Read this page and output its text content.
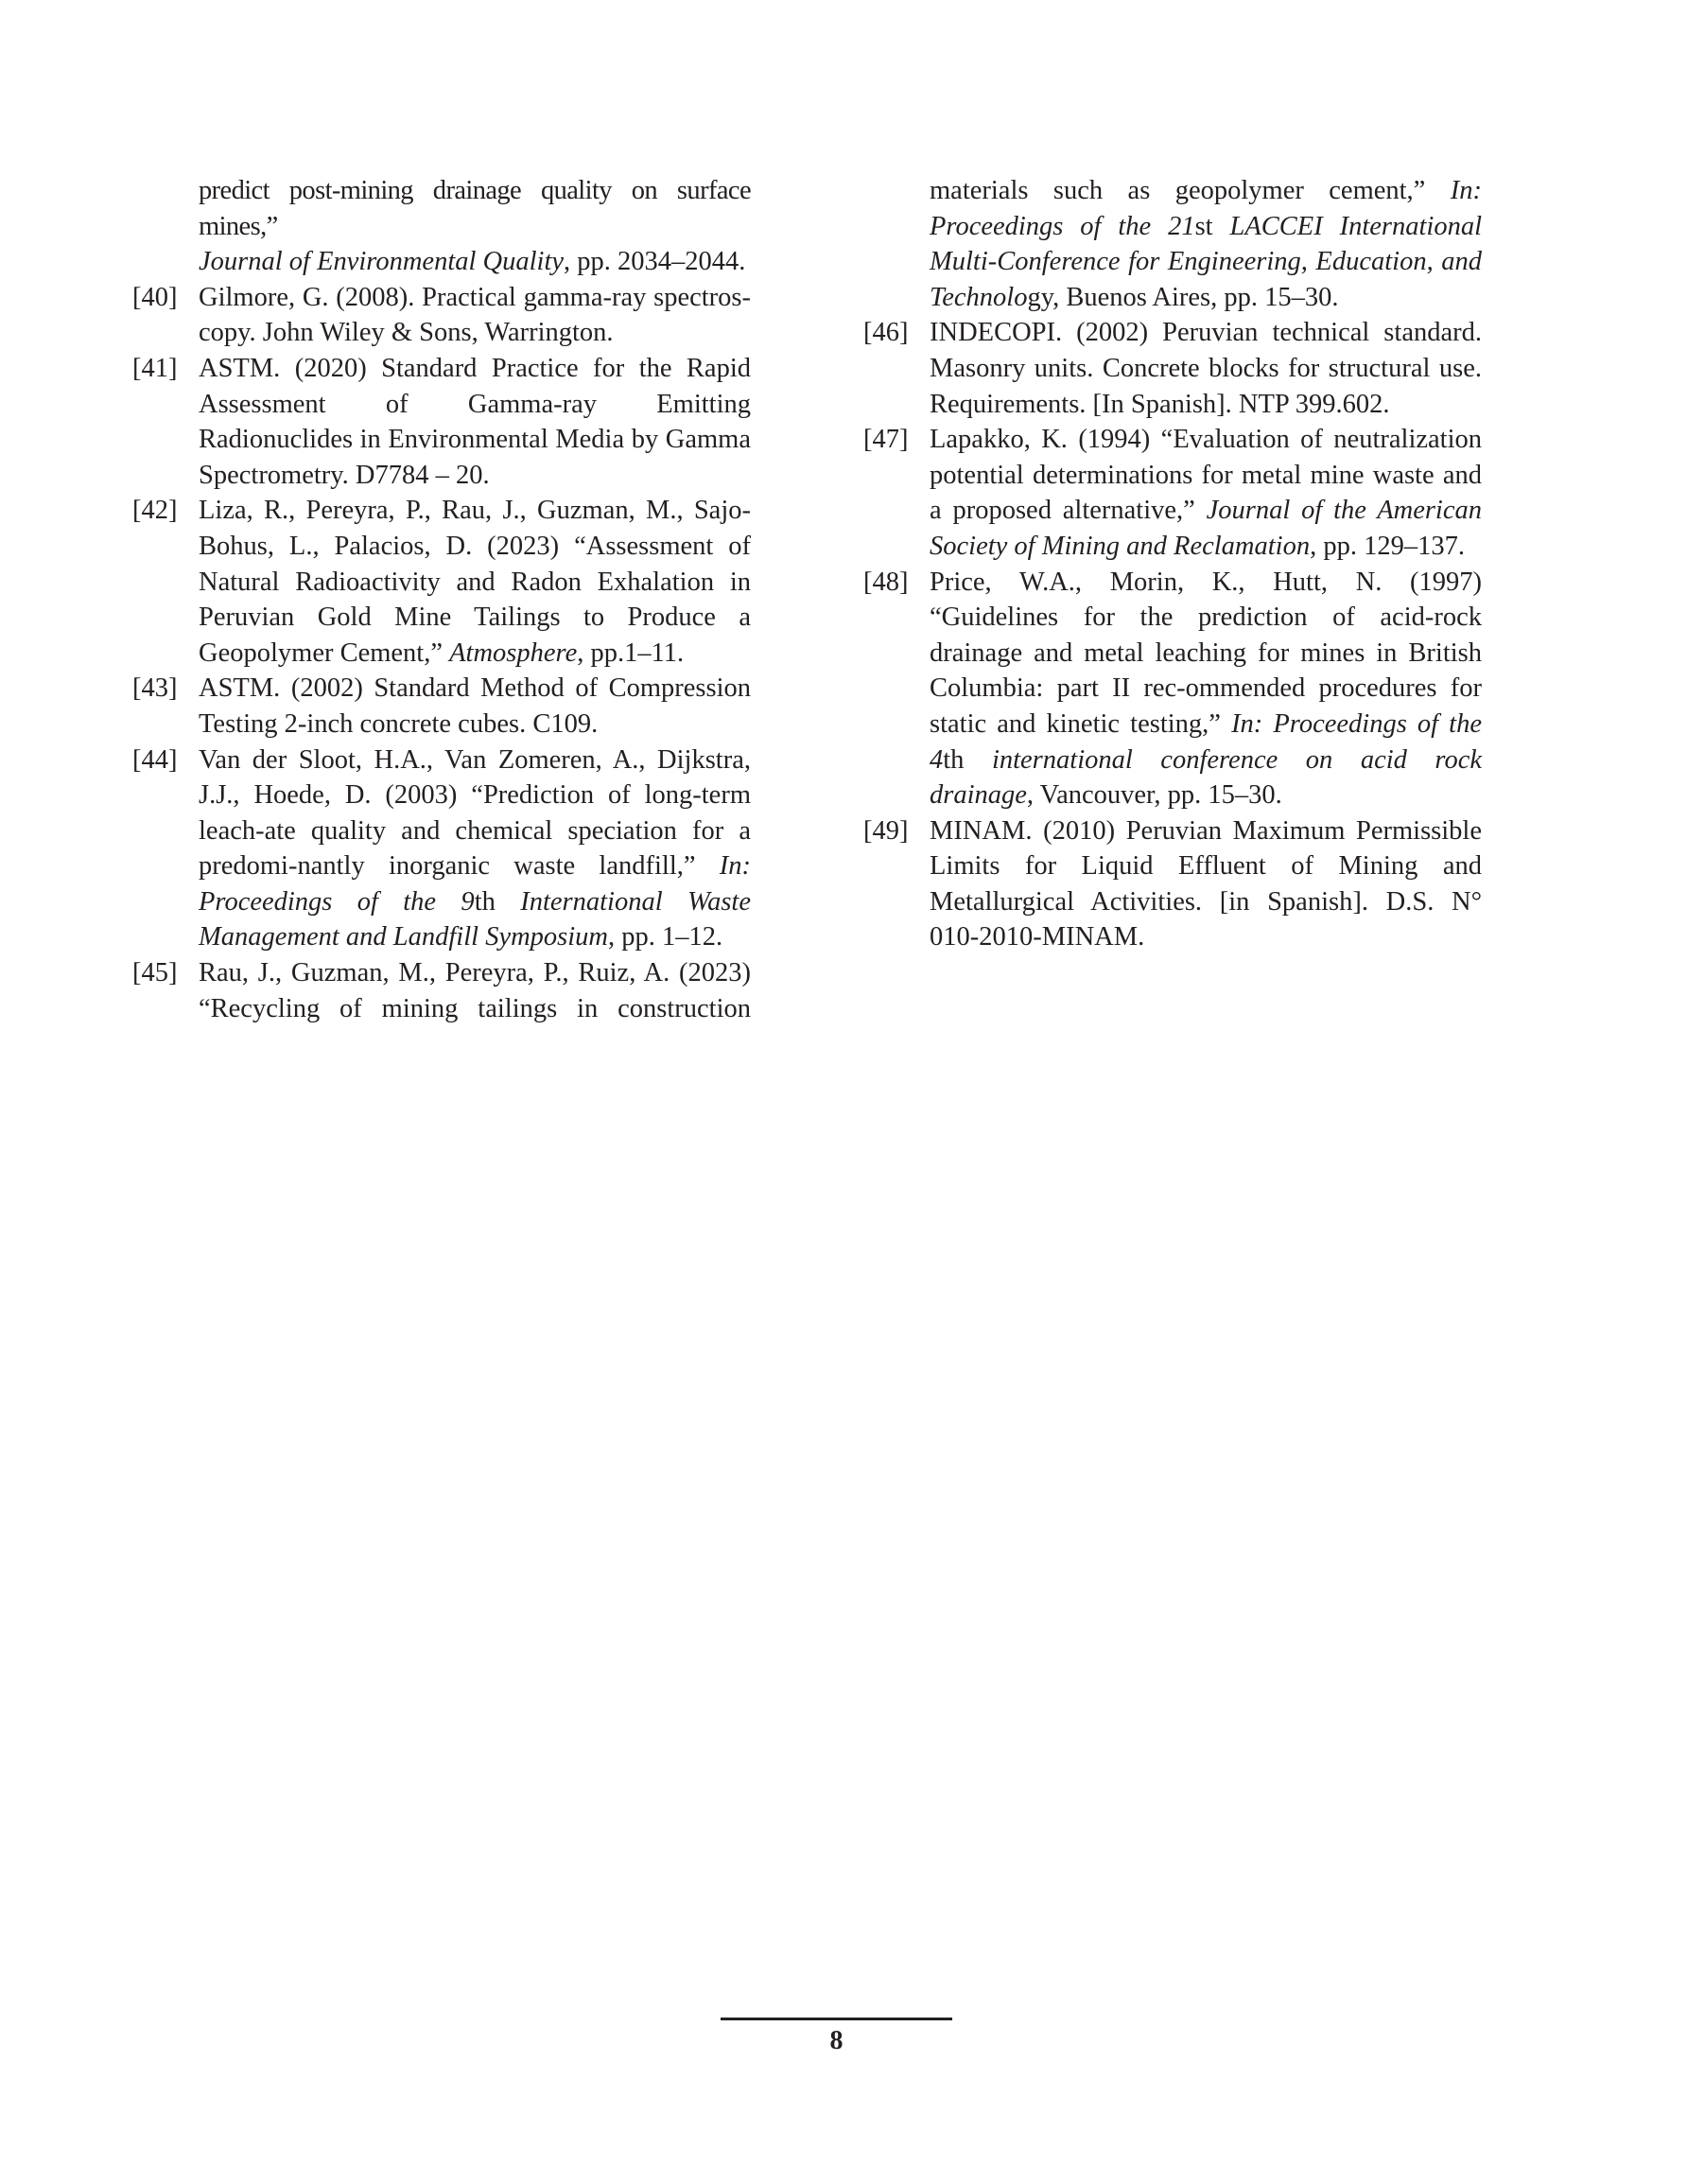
predict post-mining drainage quality on surface mines,”
Journal of Environmental Quality, pp. 2034–2044.
[40] Gilmore, G. (2008). Practical gamma-ray spectros-copy. John Wiley & Sons, Warrington.
[41] ASTM. (2020) Standard Practice for the Rapid Assessment of Gamma-ray Emitting Radionuclides in Environmental Media by Gamma Spectrometry. D7784 – 20.
[42] Liza, R., Pereyra, P., Rau, J., Guzman, M., Sajo-Bohus, L., Palacios, D. (2023) “Assessment of Natural Radioactivity and Radon Exhalation in Peruvian Gold Mine Tailings to Produce a Geopolymer Cement,” Atmosphere, pp.1–11.
[43] ASTM. (2002) Standard Method of Compression Testing 2-inch concrete cubes. C109.
[44] Van der Sloot, H.A., Van Zomeren, A., Dijkstra, J.J., Hoede, D. (2003) “Prediction of long-term leach-ate quality and chemical speciation for a predomi-nantly inorganic waste landfill,” In: Proceedings of the 9th International Waste Management and Landfill Symposium, pp. 1–12.
[45] Rau, J., Guzman, M., Pereyra, P., Ruiz, A. (2023) “Recycling of mining tailings in construction
materials such as geopolymer cement,” In: Proceedings of the 21st LACCEI International Multi-Conference for Engineering, Education, and Technology, Buenos Aires, pp. 15–30.
[46] INDECOPI. (2002) Peruvian technical standard. Masonry units. Concrete blocks for structural use. Requirements. [In Spanish]. NTP 399.602.
[47] Lapakko, K. (1994) “Evaluation of neutralization potential determinations for metal mine waste and a proposed alternative,” Journal of the American Society of Mining and Reclamation, pp. 129–137.
[48] Price, W.A., Morin, K., Hutt, N. (1997) “Guidelines for the prediction of acid-rock drainage and metal leaching for mines in British Columbia: part II rec-ommended procedures for static and kinetic testing,” In: Proceedings of the 4th international conference on acid rock drainage, Vancouver, pp. 15–30.
[49] MINAM. (2010) Peruvian Maximum Permissible Limits for Liquid Effluent of Mining and Metallurgical Activities. [in Spanish]. D.S. N° 010-2010-MINAM.
8
